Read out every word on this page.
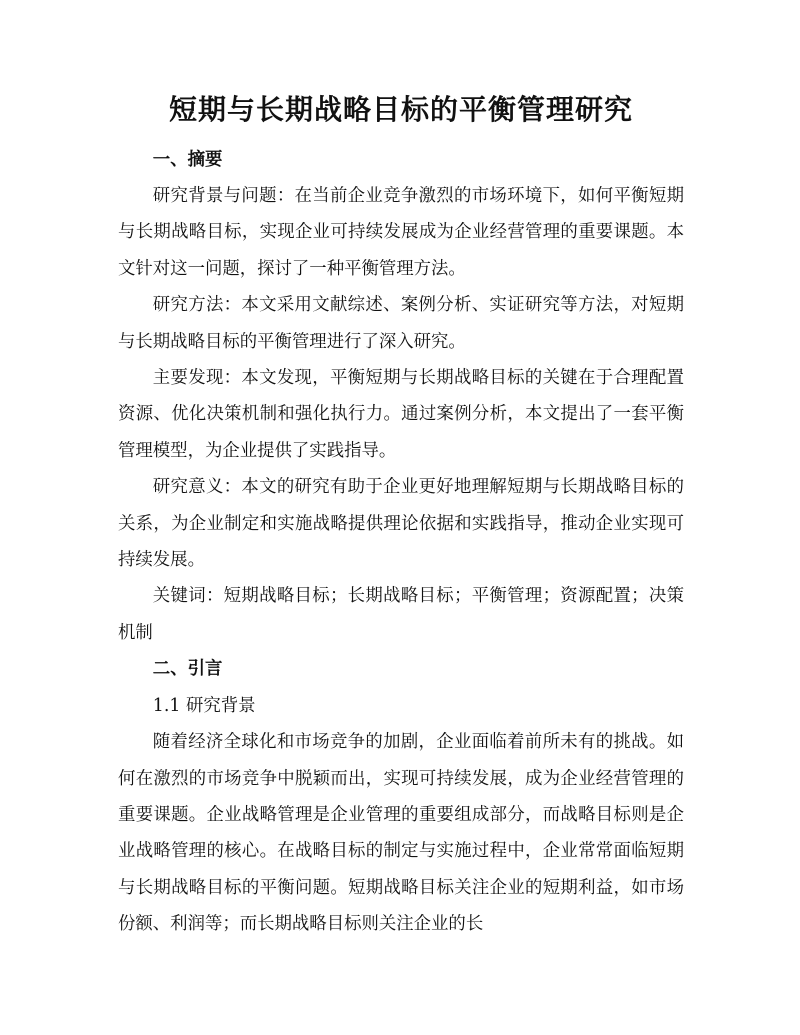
短期与长期战略目标的平衡管理研究

一、摘要

研究背景与问题：在当前企业竞争激烈的市场环境下，如何平衡短期与长期战略目标，实现企业可持续发展成为企业经营管理的重要课题。本文针对这一问题，探讨了一种平衡管理方法。

研究方法：本文采用文献综述、案例分析、实证研究等方法，对短期与长期战略目标的平衡管理进行了深入研究。

主要发现：本文发现，平衡短期与长期战略目标的关键在于合理配置资源、优化决策机制和强化执行力。通过案例分析，本文提出了一套平衡管理模型，为企业提供了实践指导。

研究意义：本文的研究有助于企业更好地理解短期与长期战略目标的关系，为企业制定和实施战略提供理论依据和实践指导，推动企业实现可持续发展。

关键词：短期战略目标；长期战略目标；平衡管理；资源配置；决策机制

二、引言

1.1 研究背景

随着经济全球化和市场竞争的加剧，企业面临着前所未有的挑战。如何在激烈的市场竞争中脱颖而出，实现可持续发展，成为企业经营管理的重要课题。企业战略管理是企业管理的重要组成部分，而战略目标则是企业战略管理的核心。在战略目标的制定与实施过程中，企业常常面临短期与长期战略目标的平衡问题。短期战略目标关注企业的短期利益，如市场份额、利润等；而长期战略目标则关注企业的长
